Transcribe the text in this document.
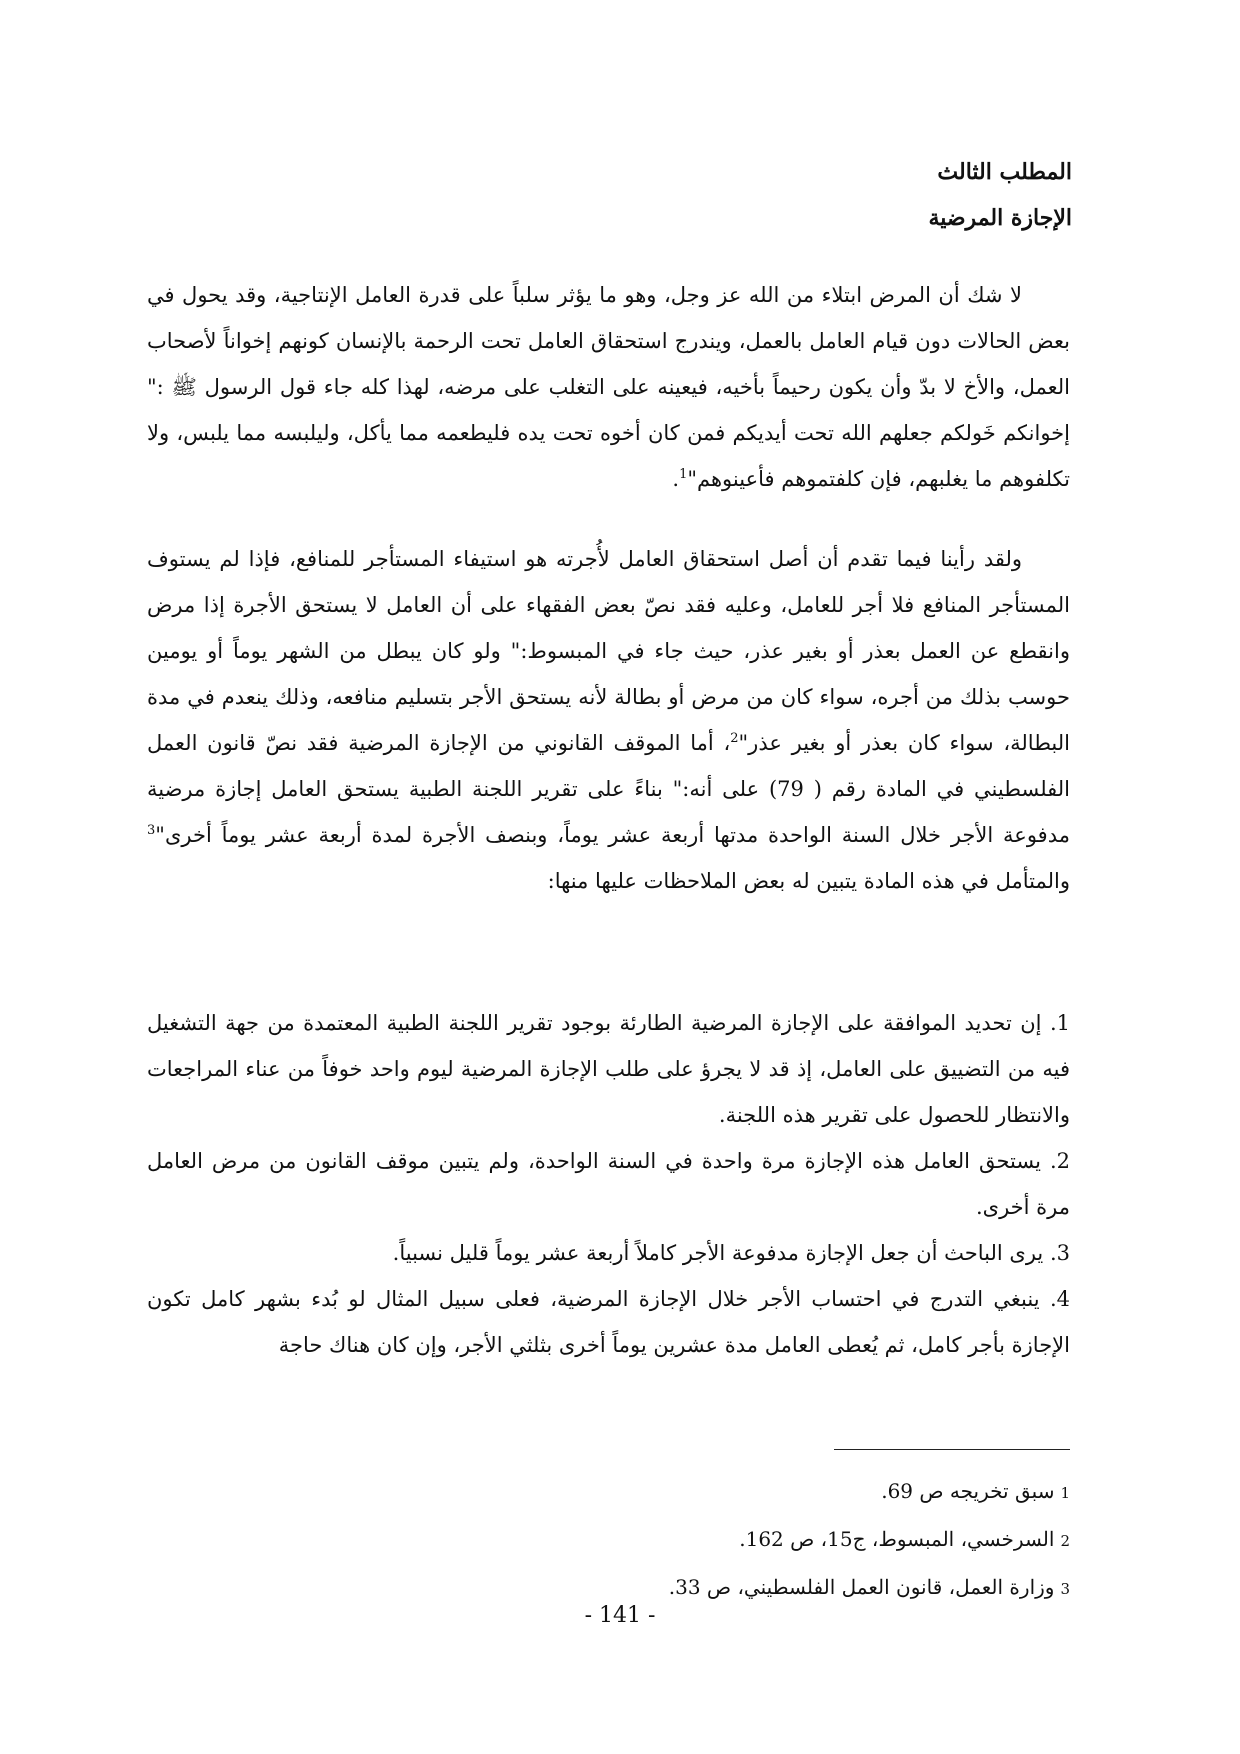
المطلب الثالث
الإجازة المرضية

لا شك أن المرض ابتلاء من الله عز وجل، وهو ما يؤثر سلباً على قدرة العامل الإنتاجية، وقد يحول في بعض الحالات دون قيام العامل بالعمل، ويندرج استحقاق العامل تحت الرحمة بالإنسان كونهم إخواناً لأصحاب العمل، والأخ لا بدّ وأن يكون رحيماً بأخيه، فيعينه على التغلب على مرضه، لهذا كله جاء قول الرسول ﷺ :" إخوانكم خَولكم جعلهم الله تحت أيديكم فمن كان أخوه تحت يده فليطعمه مما يأكل، وليلبسه مما يلبس، ولا تكلفوهم ما يغلبهم، فإن كلفتموهم فأعينوهم"$^1$.

ولقد رأينا فيما تقدم أن أصل استحقاق العامل لأُجرته هو استيفاء المستأجر للمنافع، فإذا لم يستوف المستأجر المنافع فلا أجر للعامل، وعليه فقد نصّ بعض الفقهاء على أن العامل لا يستحق الأجرة إذا مرض وانقطع عن العمل بعذر أو بغير عذر، حيث جاء في المبسوط:" ولو كان يبطل من الشهر يوماً أو يومين حوسب بذلك من أجره، سواء كان من مرض أو بطالة لأنه يستحق الأجر بتسليم منافعه، وذلك ينعدم في مدة البطالة، سواء كان بعذر أو بغير عذر"$^2$، أما الموقف القانوني من الإجازة المرضية فقد نصّ قانون العمل الفلسطيني في المادة رقم ( 79) على أنه:" بناءً على تقرير اللجنة الطبية يستحق العامل إجازة مرضية مدفوعة الأجر خلال السنة الواحدة مدتها أربعة عشر يوماً، وبنصف الأجرة لمدة أربعة عشر يوماً أخرى"$^3$ والمتأمل في هذه المادة يتبين له بعض الملاحظات عليها منها:

1. إن تحديد الموافقة على الإجازة المرضية الطارئة بوجود تقرير اللجنة الطبية المعتمدة من جهة التشغيل فيه من التضييق على العامل، إذ قد لا يجرؤ على طلب الإجازة المرضية ليوم واحد خوفاً من عناء المراجعات والانتظار للحصول على تقرير هذه اللجنة.

2. يستحق العامل هذه الإجازة مرة واحدة في السنة الواحدة، ولم يتبين موقف القانون من مرض العامل مرة أخرى.

3. يرى الباحث أن جعل الإجازة مدفوعة الأجر كاملاً أربعة عشر يوماً قليل نسبياً.

4. ينبغي التدرج في احتساب الأجر خلال الإجازة المرضية، فعلى سبيل المثال لو بُدء بشهر كامل تكون الإجازة بأجر كامل، ثم يُعطى العامل مدة عشرين يوماً أخرى بثلثي الأجر، وإن كان هناك حاجة

1سبق تخريجه ص 69.
2السرخسي، المبسوط، ج15، ص 162.
3وزارة العمل، قانون العمل الفلسطيني، ص 33.
- 141 -
